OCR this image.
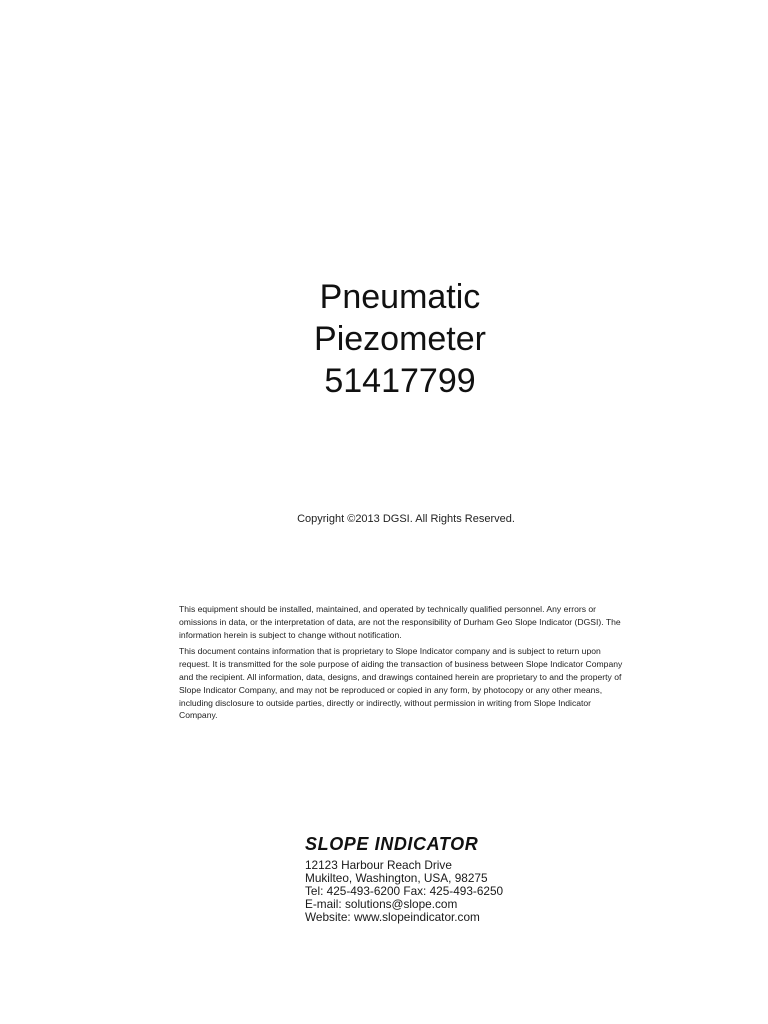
Pneumatic
Piezometer
51417799
Copyright ©2013 DGSI. All Rights Reserved.

This equipment should be installed, maintained, and operated by technically qualified personnel. Any errors or omissions in data, or the interpretation of data, are not the responsibility of Durham Geo Slope Indicator (DGSI). The information herein is subject to change without notification.

This document contains information that is proprietary to Slope Indicator company and is subject to return upon request. It is transmitted for the sole purpose of aiding the transaction of business between Slope Indicator Company and the recipient. All information, data, designs, and drawings contained herein are proprietary to and the property of Slope Indicator Company, and may not be reproduced or copied in any form, by photocopy or any other means, including disclosure to outside parties, directly or indirectly, without permission in writing from Slope Indicator Company.

SLOPE INDICATOR
12123 Harbour Reach Drive
Mukilteo, Washington, USA, 98275
Tel: 425-493-6200 Fax: 425-493-6250
E-mail: solutions@slope.com
Website: www.slopeindicator.com
